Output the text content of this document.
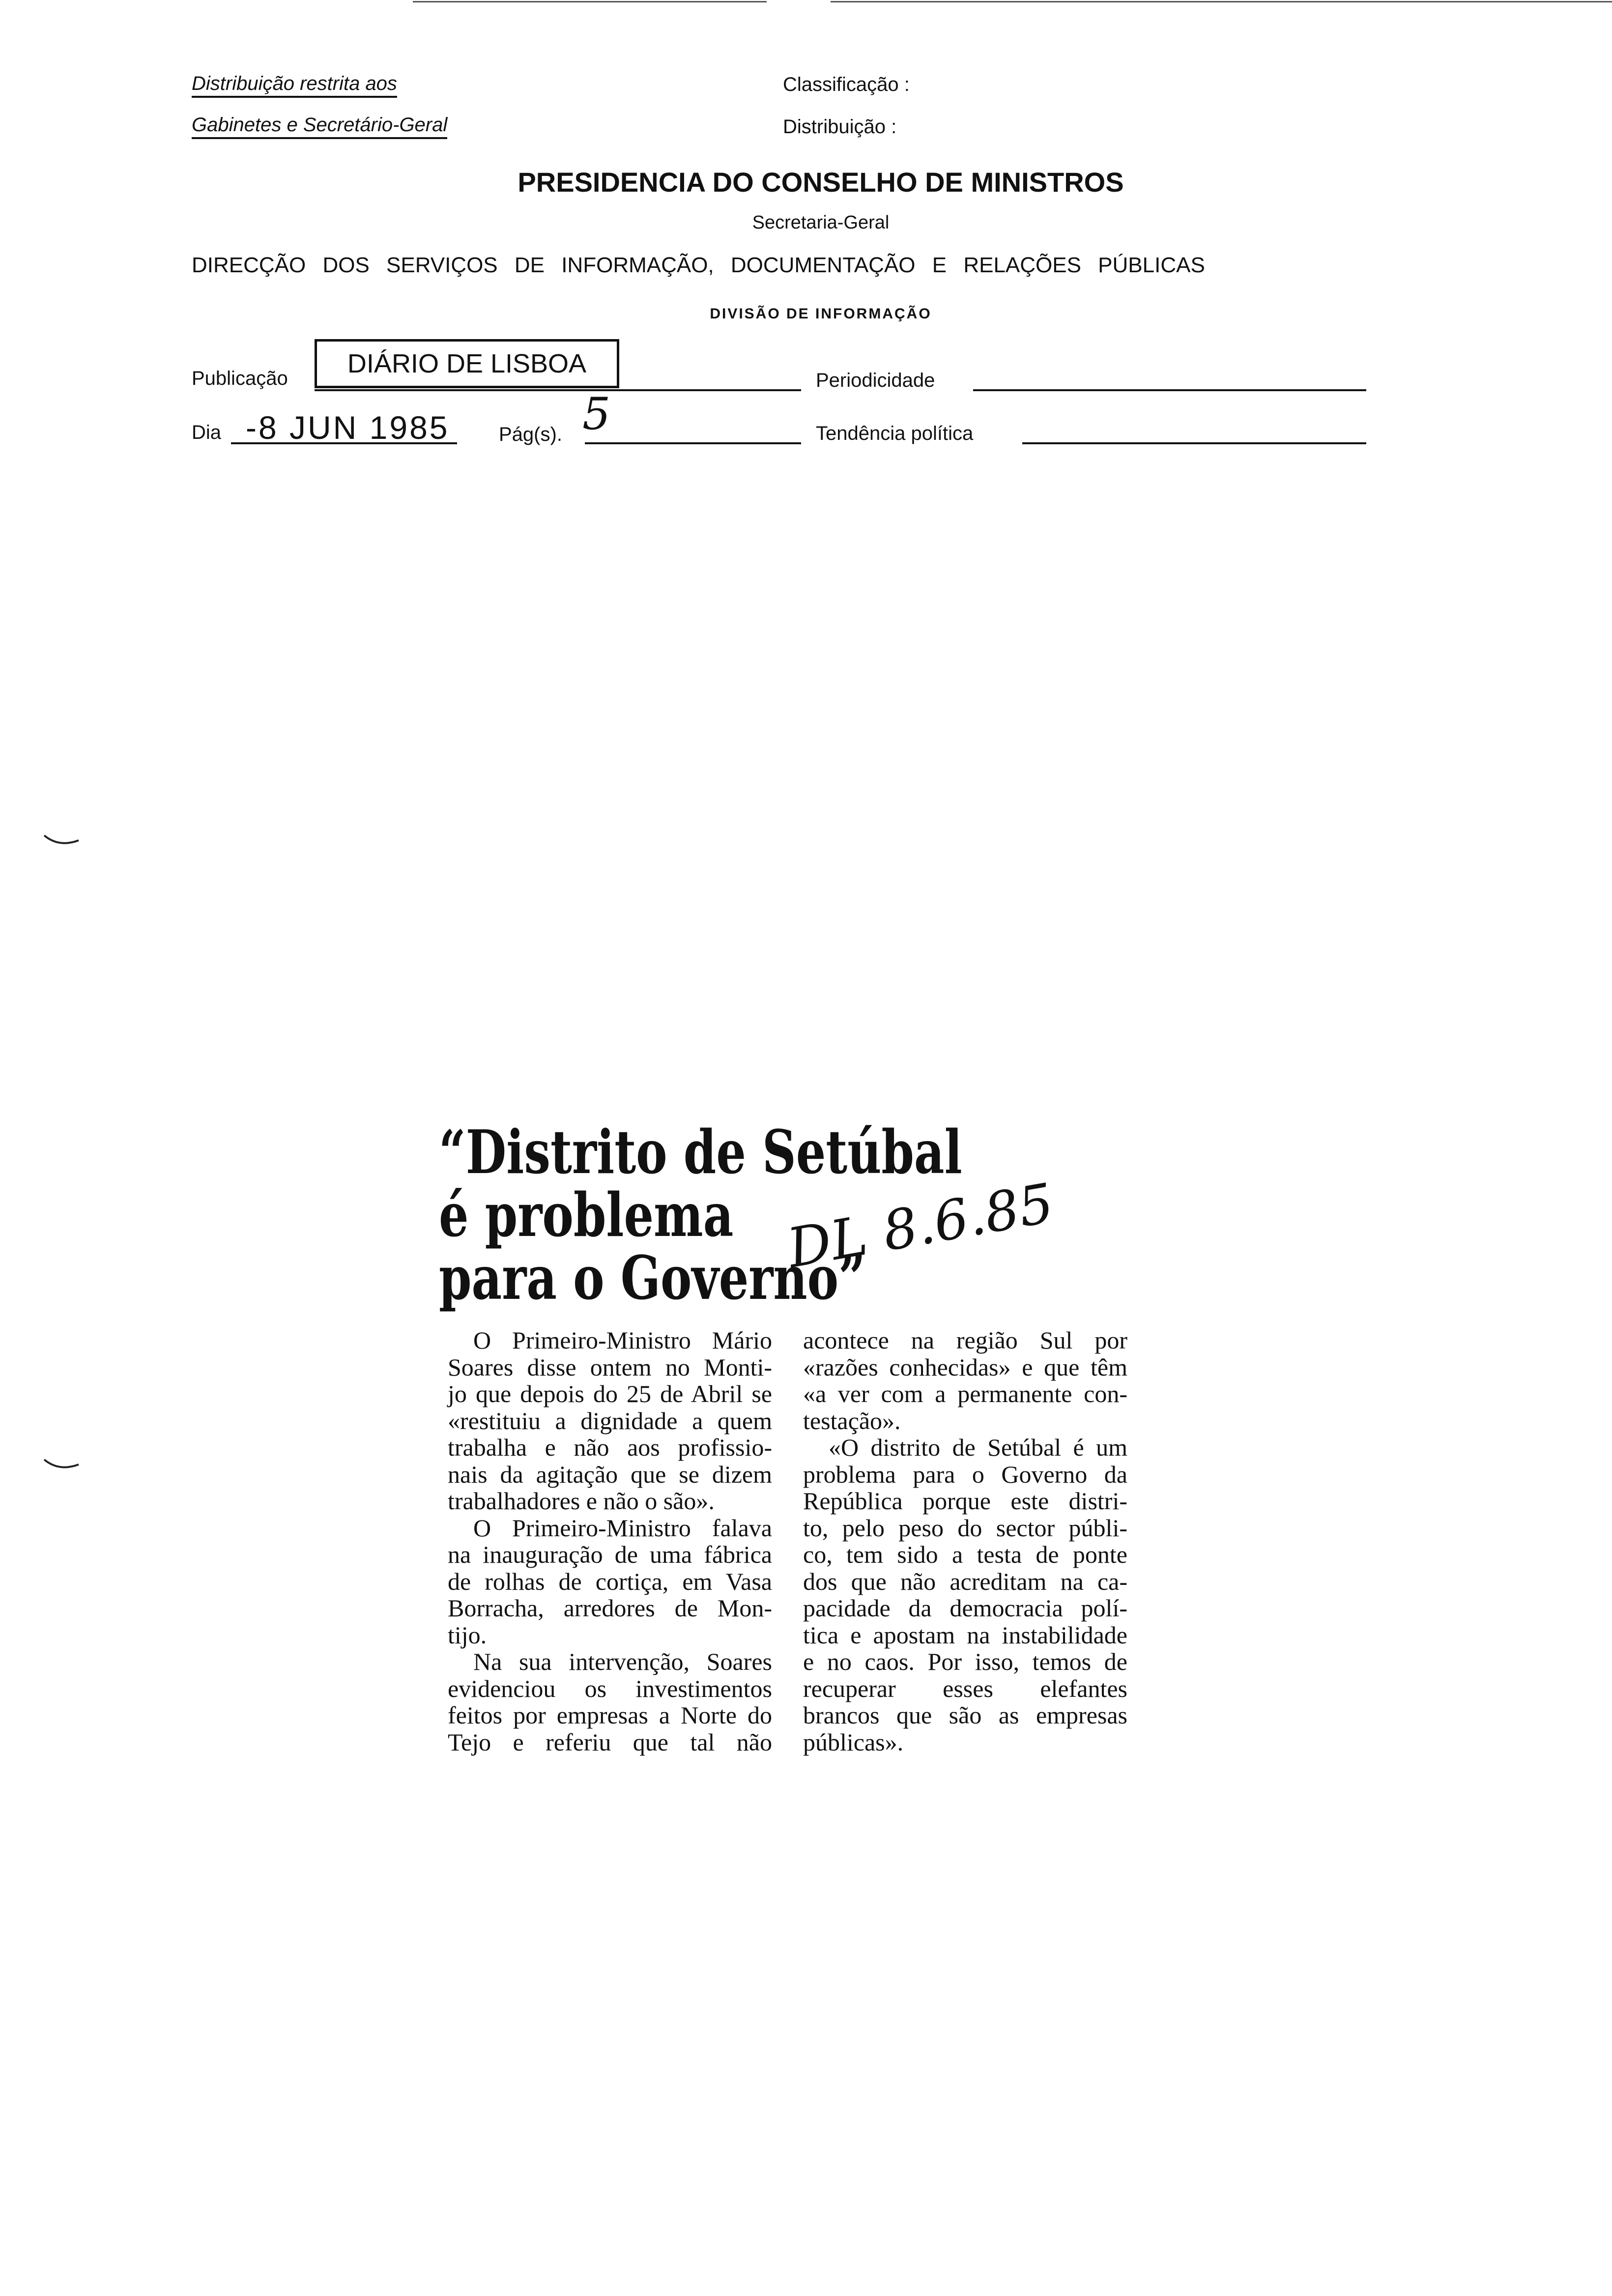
Distribuição restrita aos
Gabinetes e Secretário-Geral
Classificação :
Distribuição :
PRESIDENCIA DO CONSELHO DE MINISTROS
Secretaria-Geral
DIRECÇÃO DOS SERVIÇOS DE INFORMAÇÃO, DOCUMENTAÇÃO E RELAÇÕES PÚBLICAS
DIVISÃO DE INFORMAÇÃO
Publicação	DIÁRIO DE LISBOA
Periodicidade
Dia -8 JUN 1985	Pág(s). 5	Tendência política
“Distrito de Setúbal
é problema
para o Governo”
DL 8.6.85
O Primeiro-Ministro Mário
Soares disse ontem no Monti-
jo que depois do 25 de Abril se
«restituiu a dignidade a quem
trabalha e não aos profissio-
nais da agitação que se dizem
trabalhadores e não o são».
O Primeiro-Ministro falava
na inauguração de uma fábrica
de rolhas de cortiça, em Vasa
Borracha, arredores de Mon-
tijo.
Na sua intervenção, Soares
evidenciou os investimentos
feitos por empresas a Norte do
Tejo e referiu que tal não
acontece na região Sul por
«razões conhecidas» e que têm
«a ver com a permanente con-
testação».
«O distrito de Setúbal é um
problema para o Governo da
República porque este distri-
to, pelo peso do sector públi-
co, tem sido a testa de ponte
dos que não acreditam na ca-
pacidade da democracia polí-
tica e apostam na instabilidade
e no caos. Por isso, temos de
recuperar esses elefantes
brancos que são as empresas
públicas».
